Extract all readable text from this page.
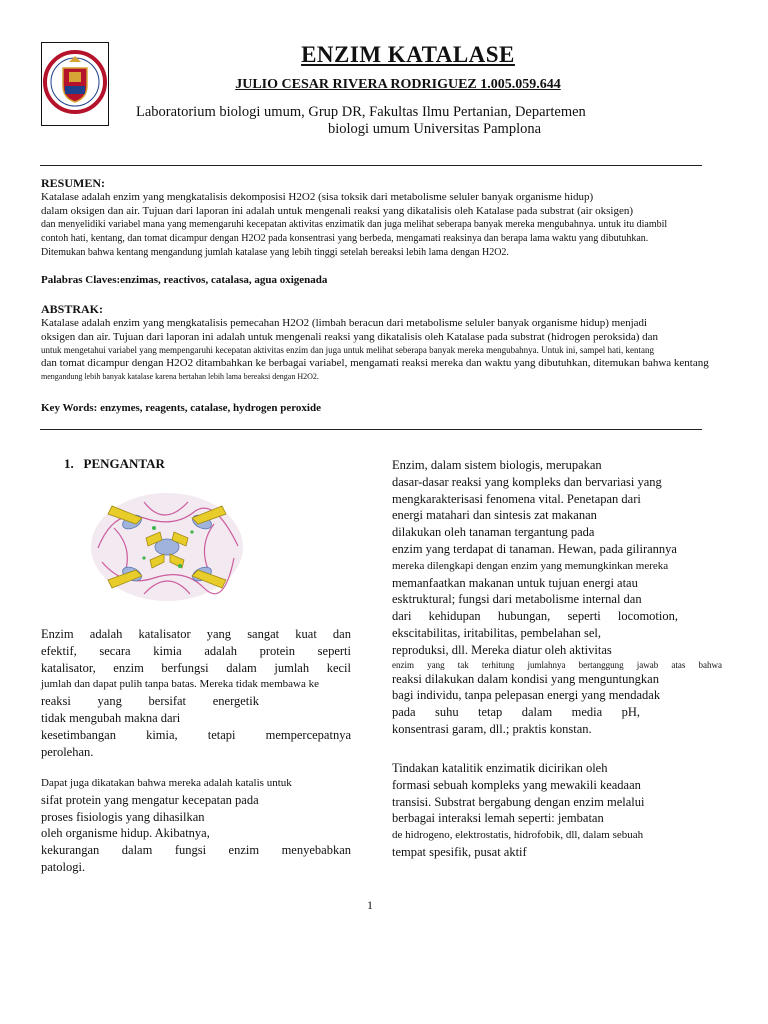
ENZIM KATALASE
JULIO CESAR RIVERA RODRIGUEZ 1.005.059.644
Laboratorium biologi umum, Grup DR, Fakultas Ilmu Pertanian, Departemen
biologi umum Universitas Pamplona
RESUMEN:
Katalase adalah enzim yang mengkatalisis dekomposisi H2O2 (sisa toksik dari metabolisme seluler banyak organisme hidup)
dalam oksigen dan air. Tujuan dari laporan ini adalah untuk mengenali reaksi yang dikatalisis oleh Katalase pada substrat (air oksigen)
dan menyelidiki variabel mana yang memengaruhi kecepatan aktivitas enzimatik dan juga melihat seberapa banyak mereka mengubahnya. untuk itu diambil
contoh hati, kentang, dan tomat dicampur dengan H2O2 pada konsentrasi yang berbeda, mengamati reaksinya dan berapa lama waktu yang dibutuhkan.
Ditemukan bahwa kentang mengandung jumlah katalase yang lebih tinggi setelah bereaksi lebih lama dengan H2O2.
Palabras Claves:enzimas, reactivos, catalasa, agua oxigenada
ABSTRAK:
Katalase adalah enzim yang mengkatalisis pemecahan H2O2 (limbah beracun dari metabolisme seluler banyak organisme hidup) menjadi
oksigen dan air. Tujuan dari laporan ini adalah untuk mengenali reaksi yang dikatalisis oleh Katalase pada substrat (hidrogen peroksida) dan
untuk mengetahui variabel yang mempengaruhi kecepatan aktivitas enzim dan juga untuk melihat seberapa banyak mereka mengubahnya. Untuk ini, sampel hati, kentang
dan tomat dicampur dengan H2O2 ditambahkan ke berbagai variabel, mengamati reaksi mereka dan waktu yang dibutuhkan, ditemukan bahwa kentang
mengandung lebih banyak katalase karena bertahan lebih lama bereaksi dengan H2O2.
Key Words: enzymes, reagents, catalase, hydrogen peroxide
1. PENGANTAR
Enzim adalah katalisator yang sangat kuat dan
efektif, secara kimia adalah protein seperti
katalisator, enzim berfungsi dalam jumlah kecil
jumlah dan dapat pulih tanpa batas. Mereka tidak membawa ke
reaksi yang bersifat energetik
tidak mengubah makna dari
kesetimbangan kimia, tetapi mempercepatnya
perolehan.
Dapat juga dikatakan bahwa mereka adalah katalis untuk
sifat protein yang mengatur kecepatan pada
proses fisiologis yang dihasilkan
oleh organisme hidup. Akibatnya,
kekurangan dalam fungsi enzim menyebabkan
patologi.
Enzim, dalam sistem biologis, merupakan
dasar-dasar reaksi yang kompleks dan bervariasi yang
mengkarakterisasi fenomena vital. Penetapan dari
energi matahari dan sintesis zat makanan
dilakukan oleh tanaman tergantung pada
enzim yang terdapat di tanaman. Hewan, pada gilirannya
mereka dilengkapi dengan enzim yang memungkinkan mereka
memanfaatkan makanan untuk tujuan energi atau
esktruktural; fungsi dari metabolisme internal dan
dari kehidupan hubungan, seperti locomotion,
ekscitabilitas, iritabilitas, pembelahan sel,
reproduksi, dll. Mereka diatur oleh aktivitas
enzim yang tak terhitung jumlahnya bertanggung jawab atas bahwa
reaksi dilakukan dalam kondisi yang menguntungkan
bagi individu, tanpa pelepasan energi yang mendadak
pada suhu tetap dalam media pH,
konsentrasi garam, dll.; praktis konstan.
Tindakan katalitik enzimatik dicirikan oleh
formasi sebuah kompleks yang mewakili keadaan
transisi. Substrat bergabung dengan enzim melalui
berbagai interaksi lemah seperti: jembatan
de hidrogeno, elektrostatis, hidrofobik, dll, dalam sebuah
tempat spesifik, pusat aktif
1
